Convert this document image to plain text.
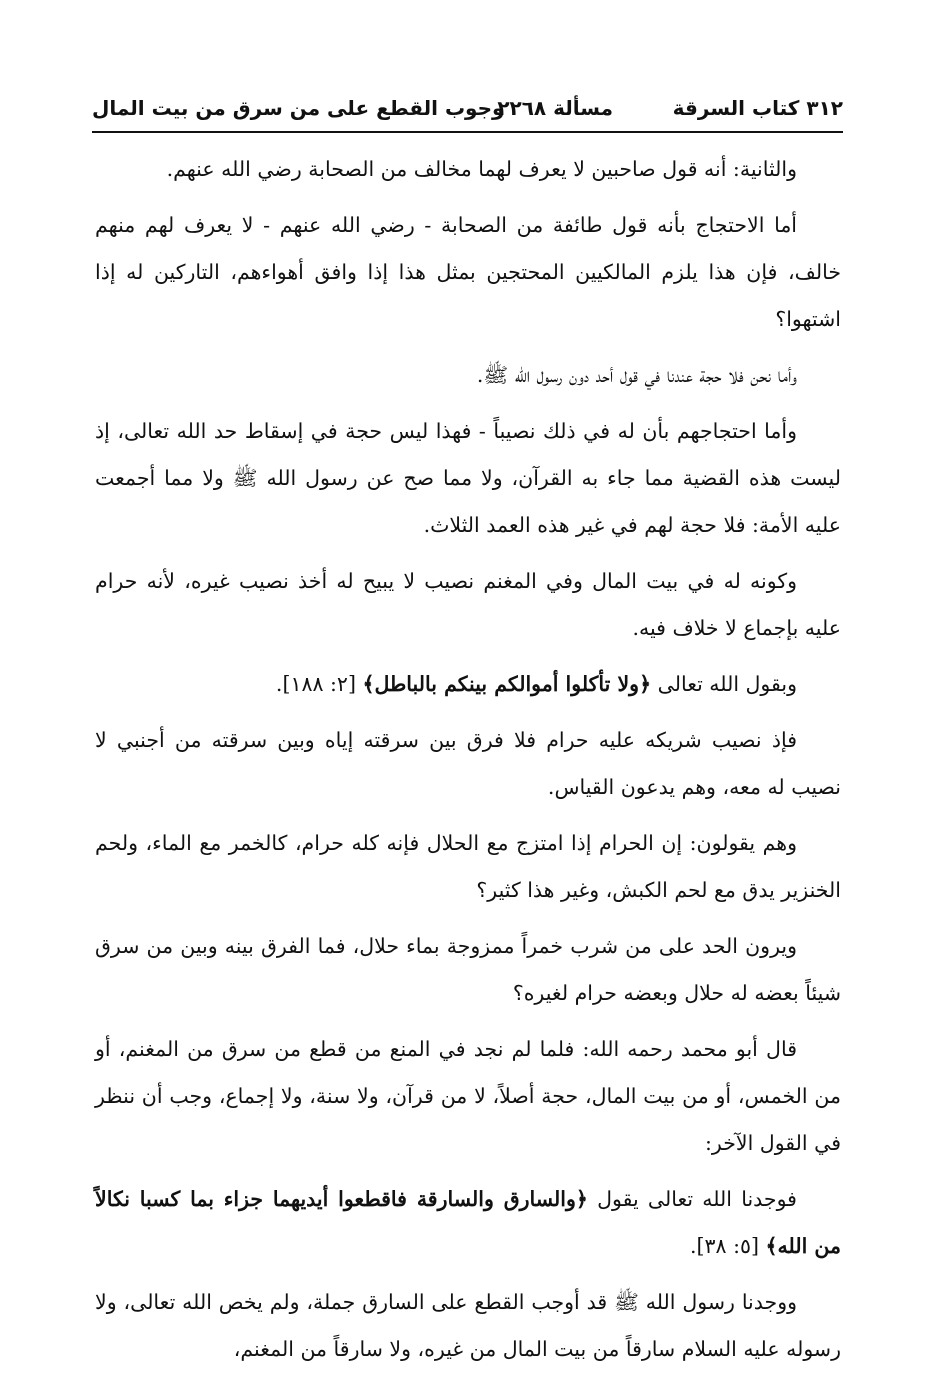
٣١٢ كتاب السرقة
مسألة ٢٢٦٨
وجوب القطع على من سرق من بيت المال

والثانية: أنه قول صاحبين لا يعرف لهما مخالف من الصحابة رضي الله عنهم.

أما الاحتجاج بأنه قول طائفة من الصحابة - رضي الله عنهم - لا يعرف لهم منهم خالف، فإن هذا يلزم المالكيين المحتجين بمثل هذا إذا وافق أهواءهم، التاركين له إذا اشتهوا؟

وأما نحن فلا حجة عندنا في قول أحد دون رسول الله ﷺ.

وأما احتجاجهم بأن له في ذلك نصيباً - فهذا ليس حجة في إسقاط حد الله تعالى، إذ ليست هذه القضية مما جاء به القرآن، ولا مما صح عن رسول الله ﷺ ولا مما أجمعت عليه الأمة: فلا حجة لهم في غير هذه العمد الثلاث.

وكونه له في بيت المال وفي المغنم نصيب لا يبيح له أخذ نصيب غيره، لأنه حرام عليه بإجماع لا خلاف فيه.

وبقول الله تعالى ﴿ولا تأكلوا أموالكم بينكم بالباطل﴾ [٢: ١٨٨].

فإذ نصيب شريكه عليه حرام فلا فرق بين سرقته إياه وبين سرقته من أجنبي لا نصيب له معه، وهم يدعون القياس.

وهم يقولون: إن الحرام إذا امتزج مع الحلال فإنه كله حرام، كالخمر مع الماء، ولحم الخنزير يدق مع لحم الكبش، وغير هذا كثير؟

ويرون الحد على من شرب خمراً ممزوجة بماء حلال، فما الفرق بينه وبين من سرق شيئاً بعضه له حلال وبعضه حرام لغيره؟

قال أبو محمد رحمه الله: فلما لم نجد في المنع من قطع من سرق من المغنم، أو من الخمس، أو من بيت المال، حجة أصلاً، لا من قرآن، ولا سنة، ولا إجماع، وجب أن ننظر في القول الآخر:

فوجدنا الله تعالى يقول ﴿والسارق والسارقة فاقطعوا أيديهما جزاء بما كسبا نكالاً من الله﴾ [٥: ٣٨].

ووجدنا رسول الله ﷺ قد أوجب القطع على السارق جملة، ولم يخص الله تعالى، ولا رسوله عليه السلام سارقاً من بيت المال من غيره، ولا سارقاً من المغنم،
